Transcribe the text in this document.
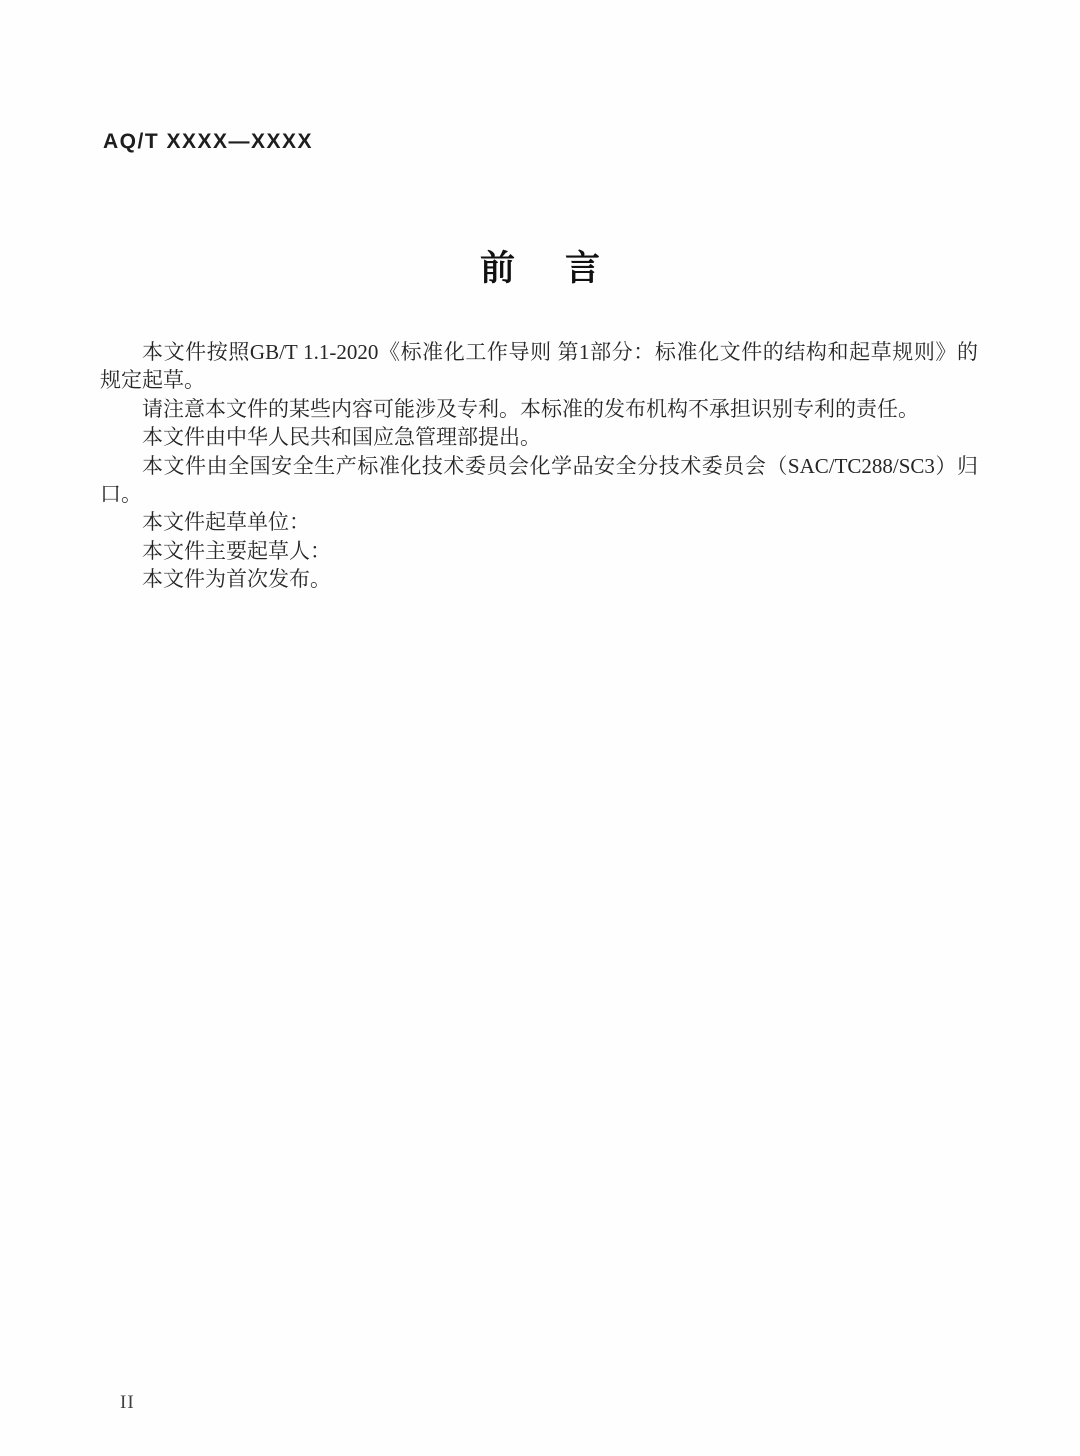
AQ/T XXXX—XXXX
前 言

本文件按照GB/T 1.1-2020《标准化工作导则 第1部分：标准化文件的结构和起草规则》的规定起草。

请注意本文件的某些内容可能涉及专利。本标准的发布机构不承担识别专利的责任。

本文件由中华人民共和国应急管理部提出。

本文件由全国安全生产标准化技术委员会化学品安全分技术委员会（SAC/TC288/SC3）归口。

本文件起草单位：

本文件主要起草人：

本文件为首次发布。

II
